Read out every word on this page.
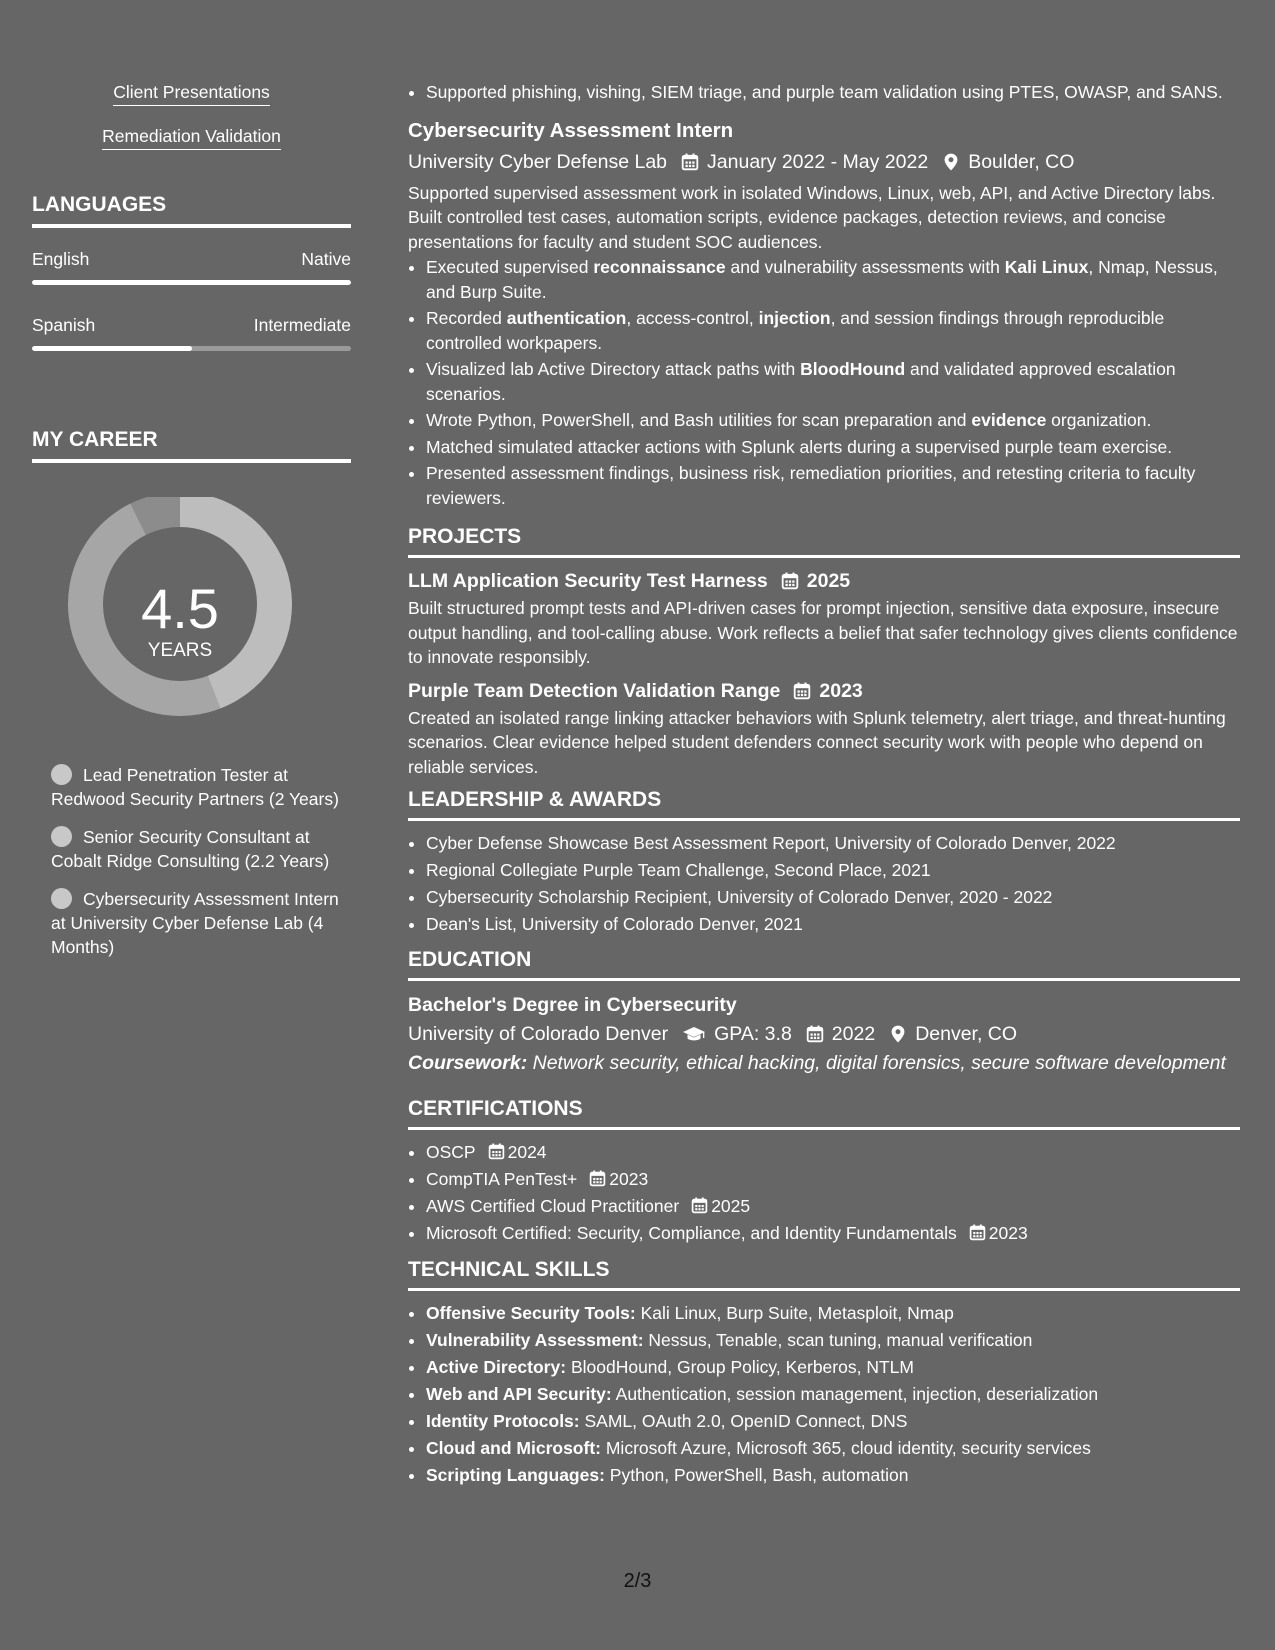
Client Presentations
Remediation Validation
LANGUAGES
English	Native
Spanish	Intermediate
MY CAREER
4.5
YEARS
Lead Penetration Tester at Redwood Security Partners (2 Years)
Senior Security Consultant at Cobalt Ridge Consulting (2.2 Years)
Cybersecurity Assessment Intern at University Cyber Defense Lab (4 Months)
• Supported phishing, vishing, SIEM triage, and purple team validation using PTES, OWASP, and SANS.
Cybersecurity Assessment Intern
University Cyber Defense Lab January 2022 - May 2022 Boulder, CO

Supported supervised assessment work in isolated Windows, Linux, web, API, and Active Directory labs. Built controlled test cases, automation scripts, evidence packages, detection reviews, and concise presentations for faculty and student SOC audiences.

• Executed supervised reconnaissance and vulnerability assessments with Kali Linux, Nmap, Nessus, and Burp Suite.
• Recorded authentication, access-control, injection, and session findings through reproducible controlled workpapers.
• Visualized lab Active Directory attack paths with BloodHound and validated approved escalation scenarios.
• Wrote Python, PowerShell, and Bash utilities for scan preparation and evidence organization.
• Matched simulated attacker actions with Splunk alerts during a supervised purple team exercise.
• Presented assessment findings, business risk, remediation priorities, and retesting criteria to faculty reviewers.
PROJECTS
LLM Application Security Test Harness 2025

Built structured prompt tests and API-driven cases for prompt injection, sensitive data exposure, insecure output handling, and tool-calling abuse. Work reflects a belief that safer technology gives clients confidence to innovate responsibly.

Purple Team Detection Validation Range 2023

Created an isolated range linking attacker behaviors with Splunk telemetry, alert triage, and threat-hunting scenarios. Clear evidence helped student defenders connect security work with people who depend on reliable services.

LEADERSHIP & AWARDS
• Cyber Defense Showcase Best Assessment Report, University of Colorado Denver, 2022
• Regional Collegiate Purple Team Challenge, Second Place, 2021
• Cybersecurity Scholarship Recipient, University of Colorado Denver, 2020 - 2022
• Dean's List, University of Colorado Denver, 2021
EDUCATION
Bachelor's Degree in Cybersecurity
University of Colorado Denver GPA: 3.8 2022 Denver, CO
Coursework: Network security, ethical hacking, digital forensics, secure software development
CERTIFICATIONS
• OSCP 2024
• CompTIA PenTest+ 2023
• AWS Certified Cloud Practitioner 2025
• Microsoft Certified: Security, Compliance, and Identity Fundamentals 2023
TECHNICAL SKILLS
• Offensive Security Tools: Kali Linux, Burp Suite, Metasploit, Nmap
• Vulnerability Assessment: Nessus, Tenable, scan tuning, manual verification
• Active Directory: BloodHound, Group Policy, Kerberos, NTLM
• Web and API Security: Authentication, session management, injection, deserialization
• Identity Protocols: SAML, OAuth 2.0, OpenID Connect, DNS
• Cloud and Microsoft: Microsoft Azure, Microsoft 365, cloud identity, security services
• Scripting Languages: Python, PowerShell, Bash, automation
2/3
